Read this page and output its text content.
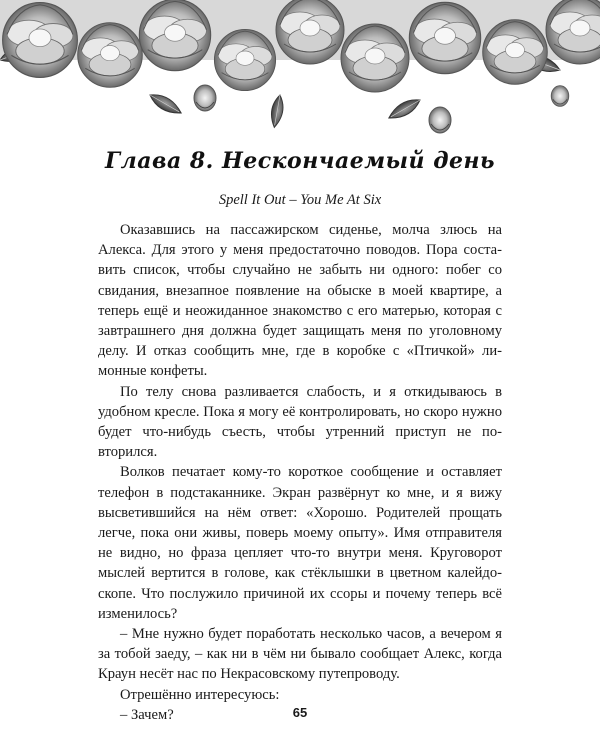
Глава 8. Нескончаемый день
Spell It Out – You Me At Six

Оказавшись на пассажирском сиденье, молча злюсь на Алекса. Для этого у меня предостаточно поводов. Пора составить список, чтобы случайно не забыть ни одного: побег со свидания, внезапное появление на обыске в моей квартире, а теперь ещё и неожиданное знакомство с его матерью, которая с завтрашнего дня должна будет защищать меня по уголовному делу. И отказ сообщить мне, где в коробке с «Птичкой» лимонные конфеты.

По телу снова разливается слабость, и я откидываюсь в удобном кресле. Пока я могу её контролировать, но скоро нужно будет что-нибудь съесть, чтобы утренний приступ не повторился.

Волков печатает кому-то короткое сообщение и оставляет телефон в подстаканнике. Экран развёрнут ко мне, и я вижу высветившийся на нём ответ: «Хорошо. Родителей прощать легче, пока они живы, поверь моему опыту». Имя отправителя не видно, но фраза цепляет что-то внутри меня. Круговорот мыслей вертится в голове, как стёклышки в цветном калейдоскопе. Что послужило причиной их ссоры и почему теперь всё изменилось?

– Мне нужно будет поработать несколько часов, а вечером я за тобой заеду, – как ни в чём ни бывало сообщает Алекс, когда Краун несёт нас по Некрасовскому путепроводу.

Отрешённо интересуюсь:

– Зачем?	65
